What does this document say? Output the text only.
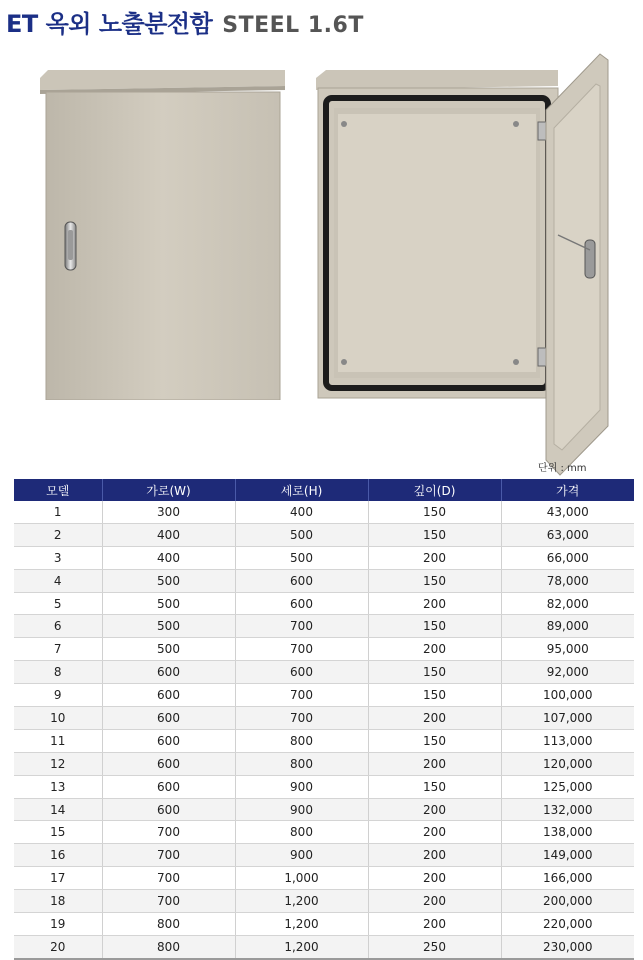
ET 옥외 노출분전함 STEEL 1.6T
단위 : mm
모델	가로(W)	세로(H)	깊이(D)	가격
1	300	400	150	43,000
2	400	500	150	63,000
3	400	500	200	66,000
4	500	600	150	78,000
5	500	600	200	82,000
6	500	700	150	89,000
7	500	700	200	95,000
8	600	600	150	92,000
9	600	700	150	100,000
10	600	700	200	107,000
11	600	800	150	113,000
12	600	800	200	120,000
13	600	900	150	125,000
14	600	900	200	132,000
15	700	800	200	138,000
16	700	900	200	149,000
17	700	1,000	200	166,000
18	700	1,200	200	200,000
19	800	1,200	200	220,000
20	800	1,200	250	230,000
